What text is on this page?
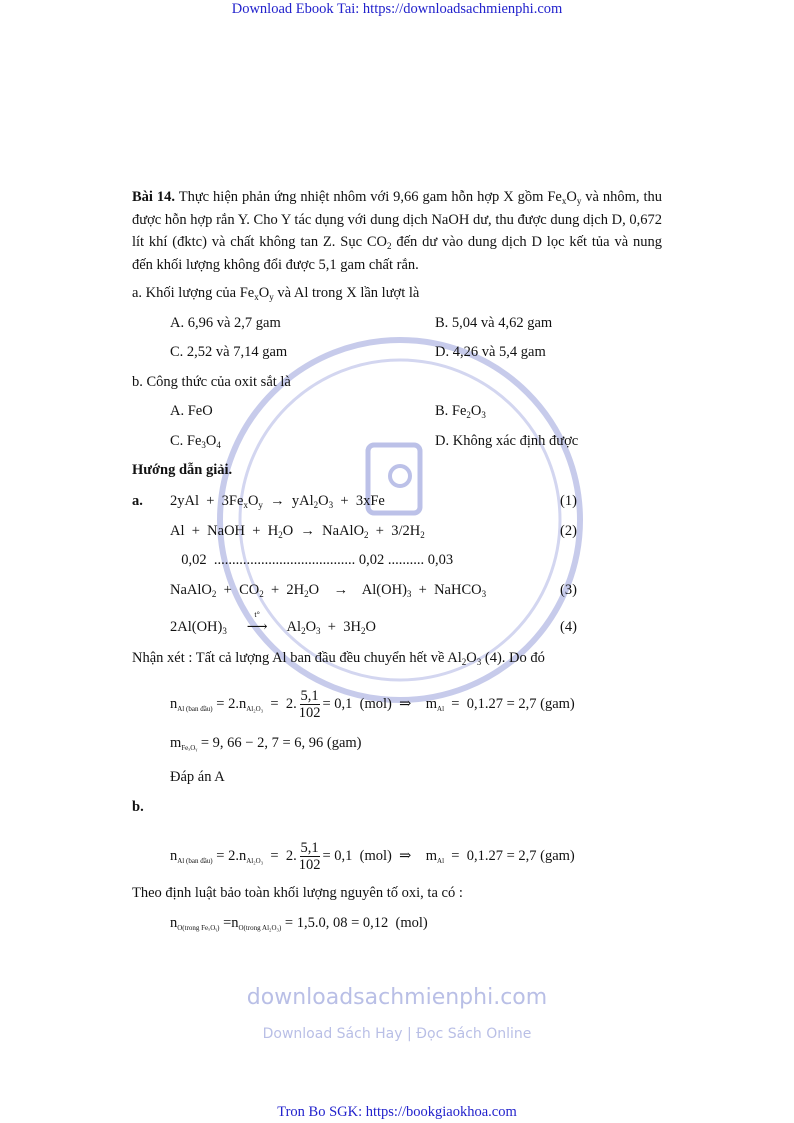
Download Ebook Tai: https://downloadsachmienphi.com
downloadsachmienphi.com
Download Sách Hay | Đọc Sách Online
Bài 14. Thực hiện phản ứng nhiệt nhôm với 9,66 gam hỗn hợp X gồm $Fe_xO_y$ và nhôm, thu được hỗn hợp rắn Y. Cho Y tác dụng với dung dịch NaOH dư, thu được dung dịch D, 0,672 lít khí (đktc) và chất không tan Z. Sục $CO_2$ đến dư vào dung dịch D lọc kết tủa và nung đến khối lượng không đổi được 5,1 gam chất rắn.
a. Khối lượng của $Fe_xO_y$ và Al trong X lần lượt là
A. 6,96 và 2,7 gam	B. 5,04 và 4,62 gam
C. 2,52 và 7,14 gam	D. 4,26 và 5,4 gam
b. Công thức của oxit sắt là
A. FeO	B. $Fe_2O_3$
C. $Fe_3O_4$	D. Không xác định được
Hướng dẫn giải.
a. $2yAl + 3Fe_xO_y \to yAl_2O_3 + 3xFe$	(1)
Al  +  NaOH  +  $H_2O$  →  NaAlO$_2$  +  $3/2H_2$	(2)
0,02  ....................................... 0,02 .......... 0,03
NaAlO$_2$  +  $CO_2 + 2H_2O$    →    $Al(OH)_3$  +  NaHCO$_3$	(3)
$2Al(OH)_3$
t°
⟶  $Al_2O_3 + 3H_2O$	(4)
Nhận xét : Tất cả lượng Al ban đầu đều chuyển hết về $Al_2O_3$ (4). Do đó
$n_{Al (ban đầu)} = 2.n_{Al_2O_3} = 2$. $\frac{5,1}{102} = 0,1$  (mol)  ⇒    $m_{Al} = 0,1.27 = 2,7$ (gam)
$m_{Fe_xOᵧ} = 9$, 66 − 2, 7 = 6, 96 (gam)
Đáp án A
b.
$n_{Al (ban đầu)} = 2.n_{Al_2O_3} = 2$. $\frac{5,1}{102} = 0,1$  (mol)  ⇒    $m_{Al} = 0,1.27 = 2,7$ (gam)
Theo định luật bảo toàn khối lượng nguyên tố oxi, ta có :
$n_{O(trong Fe_xOᵧ)} =n_{O(trong Al_2O_3)} = 1,5.0$, 08 = 0,12  (mol)
Tron Bo SGK: https://bookgiaokhoa.com
